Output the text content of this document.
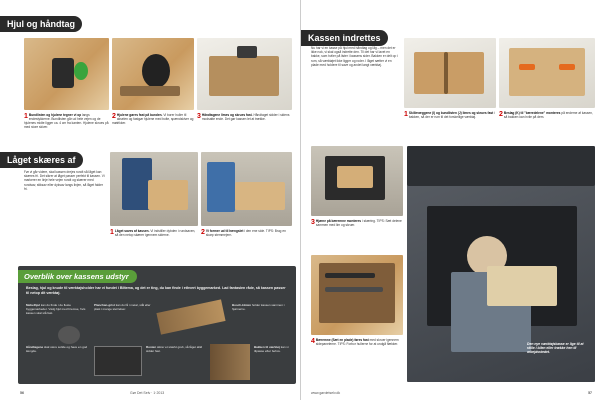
Hjul og håndtag
1 Bundlisten og hjulene tegner vi op langs endestykkerne. Bundlisten går ud hele vejen og de hjulenes midte ligger ca. 4 cm fra kanten. Hjulene skrues på med store skiver.
2 Hjulene gøres fast på bunden. Vi borer huller til akselen og fastgør hjulene med bolte, spændskiver og møtrikker.
3 Håndtagene limes og skrues fast. Håndtaget sidder i sidens modsatte ende. Det gør kassen let at trække.
Låget skæres af
Før vi går videre, skal kassen drejes rundt så låget kan skæres fri. Det sikrer at låget passer perfekt til kassen. Vi markerer en linje hele vejen rundt og skærer med rundsav, stiksav eller dyksav langs linjen, så låget falder fri.
1 Låget saves af kassen. Vi indstiller dybden i rundsaven, så den netop skærer igennem siderne.	2 Vi former ud til hængslet i den ene side. TIPS: Brug en skarp stemmejern.
Overblik over kassens udstyr
Beslag, hjul og knude til værktøjsholder har vi fundet i Biltema, og det er ting, du kan finde i ethvert byggemarked. Lad fantasien råde, så kassen passer til netop dit værktøj.
Møbelhjul kan du finde i de fleste byggemarkeder. Vælg hjul med bremse, hvis kassen skal stå fast.
Planchan-grist kan du få i metal, stål eller plast i mange størrelser.
Bosch-kloten holder kassen sammen i hjørnerne.
Håndtagene skal være solide og have en god længde.
Rosten sikrer et stærkt greb, så låget altid sidder fast.
Bakken til værktøj kan vi tilpasse efter behov.
56	Gør Det Selv · 1·2013
Kassen indrettes
Nu har vi en kasse på hjul med håndtag og låg – men det er ikke nok, vi skal også indrette den. Til det har vi lavet en bakke, som hviler på lister i kassens sider. Bakken er delt op i rum, så værktøjet ikke ligger og roder. I låget sætter vi en plade med holdere til save og andet langt værktøj.
1 Skillevæggene (I) og bundlisten (J) limes og skrues fast i bakken, så der er rum til det forskellige værktøj.	2 Beslag (K) til "bæredelene" monteres på enderne af kassen, så bakken kan hvile på dem.
3 Hjørne på bæremne monteres i skæring. TIPS: Sæt delene sammen med lim og skruer.
4 Bæremne (Sæt en plade) føres fast med skruer igennem sidepanelerne. TIPS: Forbor hullerne for at undgå flækker.	Den nye værktøjskasse er lige til at stille i bilen eller trække hen til arbejdsstedet.
www.gørdetselv.dk	57
